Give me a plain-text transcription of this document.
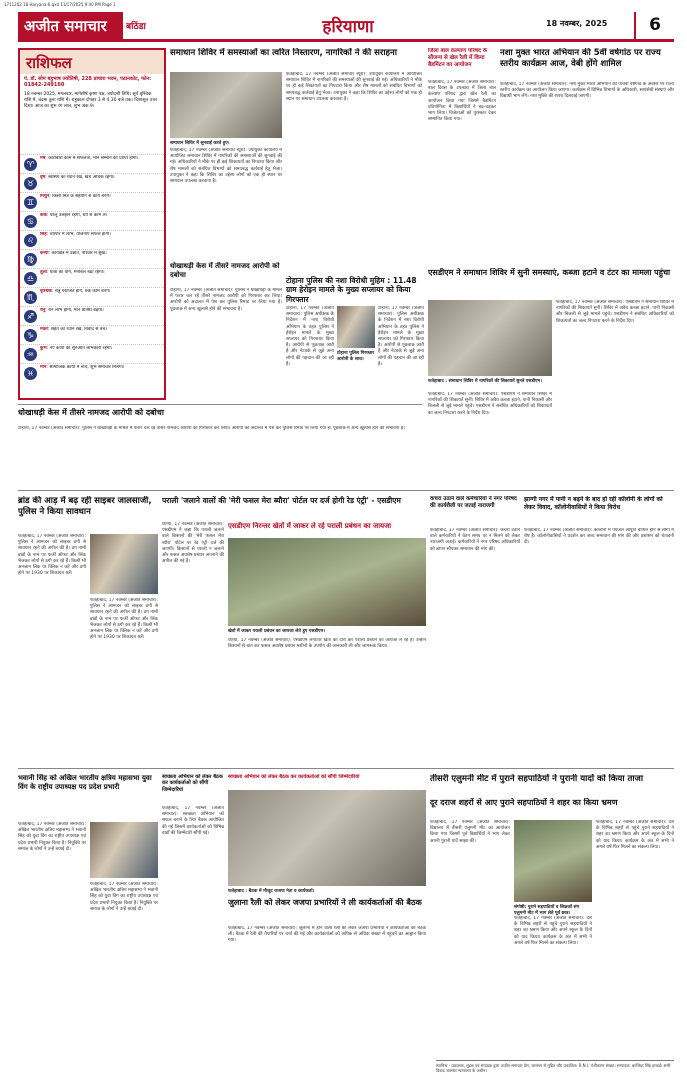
1711202 18 Haryana-6.qxd 11/17/2025 9:40 PM Page 1
अजीत समाचार	बठिंडा	हरियाणा	18 नवम्बर, 2025	6
राशिफल
पं. डॉ. सोम बहुभाष ज्योतिषी, 228 प्राचारा भवन, पठानकोट, फोन: 01842-249160
18 नवम्बर 2025, मंगलवार, मार्गशीर्ष कृष्ण पक्ष, त्रयोदशी तिथि। सूर्य वृश्चिक राशि में, चंद्रमा तुला राशि में। राहुकाल दोपहर 3 से 4.30 बजे तक। दिशाशूल उत्तर दिशा। आज का शुभ रंग लाल, शुभ अंक 9।
♈
मेष: कारोबारी काम में सफलता, मान सम्मान की प्राप्ति होगी।
♉
वृष: स्वास्थ्य का ध्यान रखें, खर्च अधिक रहेगा।
♊
मिथुन: किसी मित्र के सहयोग से कार्य बनेंगे।
♋
कर्क: घरेलू उलझनें रहेंगी, धैर्य से काम लें।
♌
सिंह: व्यापार में लाभ, योजनाएं सफल होंगी।
♍
कन्या: कार्यक्षेत्र में उन्नति, परिवार में सुख।
♎
तुला: यात्रा का योग, मनोबल बढ़ा रहेगा।
♏
वृश्चिक: शत्रु पराजित होंगे, रुके काम बनेंगे।
♐
धनु: धन लाभ होगा, मान प्रतिष्ठा बढ़ेगी।
♑
मकर: सेहत का ध्यान रखें, विवाद से बचें।
♒
कुंभ: नए कार्यों की शुरुआत लाभकारी रहेगी।
♓
मीन: सामाजिक कार्यों में रुचि, शुभ समाचार मिलेगा।
समाधान शिविर में समस्याओं का त्वरित निस्तारण, नागरिकों ने की सराहना
समाधान शिविर में सुनवाई करते हुए।
फतेहाबाद, 17 नवम्बर (अजीत समाचार ब्यूरो): उपायुक्त कार्यालय में आयोजित समाधान शिविर में नागरिकों की समस्याओं की सुनवाई की गई। अधिकारियों ने मौके पर ही कई शिकायतों का निपटारा किया और शेष मामलों को संबंधित विभागों को समयबद्ध कार्रवाई हेतु भेजा। उपायुक्त ने कहा कि शिविर का उद्देश्य लोगों को एक ही स्थान पर समाधान उपलब्ध करवाना है।
फतेहाबाद, 17 नवम्बर (अजीत समाचार ब्यूरो): उपायुक्त कार्यालय में आयोजित समाधान शिविर में नागरिकों की समस्याओं की सुनवाई की गई। अधिकारियों ने मौके पर ही कई शिकायतों का निपटारा किया और शेष मामलों को संबंधित विभागों को समयबद्ध कार्रवाई हेतु भेजा। उपायुक्त ने कहा कि शिविर का उद्देश्य लोगों को एक ही स्थान पर समाधान उपलब्ध करवाना है।
धोखाधड़ी केस में तीसरे नामजद आरोपी को दबोचा
टोहाना, 17 नवम्बर (अजीत समाचार): पुलिस ने धोखाधड़ी के मामले में फरार चल रहे तीसरे नामजद आरोपी को गिरफ्तार कर लिया। आरोपी को अदालत में पेश कर पुलिस रिमांड पर लिया गया है। पूछताछ में अन्य खुलासे होने की संभावना है।
टोहाना पुलिस की नशा विरोधी मुहिम : 11.48 ग्राम हेरोइन मामले के मुख्य सप्लायर को किया गिरफ्तार
टोहाना, 17 नवम्बर (अजीत समाचार): पुलिस अधीक्षक के निर्देशन में नशा विरोधी अभियान के तहत पुलिस ने हेरोइन मामले के मुख्य सप्लायर को गिरफ्तार किया है। आरोपी से पूछताछ जारी है और नेटवर्क से जुड़े अन्य लोगों की पहचान की जा रही है।
टोहाना पुलिस गिरफ्तार आरोपी के साथ।
टोहाना, 17 नवम्बर (अजीत समाचार): पुलिस अधीक्षक के निर्देशन में नशा विरोधी अभियान के तहत पुलिस ने हेरोइन मामले के मुख्य सप्लायर को गिरफ्तार किया है। आरोपी से पूछताछ जारी है और नेटवर्क से जुड़े अन्य लोगों की पहचान की जा रही है।
जिला बाल कल्याण परिषद के सौजन्य से खेल रैली में किया बैडमिंटन का आयोजन
फतेहाबाद, 17 नवम्बर (अजीत समाचार): बाल दिवस के उपलक्ष्य में जिला बाल कल्याण परिषद द्वारा खेल रैली का आयोजन किया गया जिसमें बैडमिंटन प्रतियोगिता में विद्यार्थियों ने बढ़-चढ़कर भाग लिया। विजेताओं को पुरस्कार देकर सम्मानित किया गया।
नशा मुक्त भारत अभियान की 5वीं वर्षगांठ पर राज्य स्तरीय कार्यक्रम आज, वेबी होंगे शामिल
फतेहाबाद, 17 नवम्बर (अजीत समाचार): नशा मुक्त भारत अभियान की पांचवीं वर्षगांठ के अवसर पर राज्य स्तरीय कार्यक्रम का आयोजन किया जाएगा। कार्यक्रम में विभिन्न विभागों के अधिकारी, स्वयंसेवी संस्थाएं और विद्यार्थी भाग लेंगे। नशा मुक्ति की शपथ दिलवाई जाएगी।
एसडीएम ने समाधान शिविर में सुनी समस्याएं, कब्जा हटाने व टंटर का मामला पहुंचा
फतेहाबाद : समाधान शिविर में नागरिकों की शिकायतें सुनते एसडीएम।
फतेहाबाद, 17 नवम्बर (अजीत समाचार): एसडीएम ने समाधान शिविर में नागरिकों की शिकायतें सुनीं। शिविर में अवैध कब्जा हटाने, पानी निकासी और बिजली से जुड़े मामले पहुंचे। एसडीएम ने संबंधित अधिकारियों को शिकायतों का जल्द निपटारा करने के निर्देश दिए।
फतेहाबाद, 17 नवम्बर (अजीत समाचार): एसडीएम ने समाधान शिविर में नागरिकों की शिकायतें सुनीं। शिविर में अवैध कब्जा हटाने, पानी निकासी और बिजली से जुड़े मामले पहुंचे। एसडीएम ने संबंधित अधिकारियों को शिकायतों का जल्द निपटारा करने के निर्देश दिए।
धोखाधड़ी केस में तीसरे नामजद आरोपी को दबोचा
टोहाना, 17 नवम्बर (अजीत समाचार): पुलिस ने धोखाधड़ी के मामले में फरार चल रहे तीसरे नामजद आरोपी को गिरफ्तार कर लिया। आरोपी को अदालत में पेश कर पुलिस रिमांड पर लिया गया है। पूछताछ में अन्य खुलासे होने की संभावना है।
ब्रांड की आड़ में बढ़ रही साइबर जालसाजी, पुलिस ने किया सावधान
फतेहाबाद, 17 नवम्बर (अजीत समाचार): पुलिस ने आमजन को साइबर ठगी से सावधान रहने की अपील की है। ठग नामी ब्रांडों के नाम पर फर्जी ऑफर और लिंक भेजकर लोगों से ठगी कर रहे हैं। किसी भी अनजान लिंक पर क्लिक न करें और ठगी होने पर 1930 पर शिकायत करें।
फतेहाबाद, 17 नवम्बर (अजीत समाचार): पुलिस ने आमजन को साइबर ठगी से सावधान रहने की अपील की है। ठग नामी ब्रांडों के नाम पर फर्जी ऑफर और लिंक भेजकर लोगों से ठगी कर रहे हैं। किसी भी अनजान लिंक पर क्लिक न करें और ठगी होने पर 1930 पर शिकायत करें।
पराली 'जलाने वालों की 'मेरी फसल मेरा ब्यौरा' पोर्टल पर दर्ज होगी रेड एंट्री' - एसडीएम
रतिया, 17 नवम्बर (अजीत समाचार): एसडीएम ने कहा कि पराली जलाने वाले किसानों की 'मेरी फसल मेरा ब्यौरा' पोर्टल पर रेड एंट्री दर्ज की जाएगी। किसानों से पराली न जलाने और फसल अवशेष प्रबंधन अपनाने की अपील की गई है।
एसडीएम निरन्तर खेतों में जाकर ले रहे पराली प्रबंधन का जायजा
खेतों में जाकर पराली प्रबंधन का जायजा लेते हुए एसडीएम।
रतिया, 17 नवम्बर (अजीत समाचार): एसडीएम लगातार खेतों का दौरा कर पराली प्रबंधन का जायजा ले रहे हैं। उन्होंने किसानों से बात कर फसल अवशेष प्रबंधन मशीनों के उपयोग की जानकारी ली और जागरूक किया।
कचरा उठाने वाले कर्मचारियों ने नगर परिषद की कार्यशैली पर जताई नाराजगी
फतेहाबाद, 17 नवम्बर (अजीत समाचार): कचरा उठाने वाले कर्मचारियों ने वेतन समय पर न मिलने को लेकर नाराजगी जताई। कर्मचारियों ने नगर परिषद अधिकारियों को ज्ञापन सौंपकर समाधान की मांग की।
झाग्गी नगर में पानी न बढ़ने के बाद हो रही कॉलोनी के लोगों को लेकर विवाद, कॉलोनीवासियों ने किया विरोध
फतेहाबाद, 17 नवम्बर (अजीत समाचार): कॉलोनी में पेयजल आपूर्ति बाधित होने से लोगों में रोष है। कॉलोनीवासियों ने प्रदर्शन कर जल्द समाधान की मांग की और प्रशासन को चेतावनी दी।
भवानी सिंह को अखिल भारतीय क्षत्रिय महासभा युवा विंग के राष्ट्रीय उपाध्यक्ष पद प्रदेश प्रभारी
फतेहाबाद, 17 नवम्बर (अजीत समाचार): अखिल भारतीय क्षत्रिय महासभा ने भवानी सिंह को युवा विंग का राष्ट्रीय उपाध्यक्ष एवं प्रदेश प्रभारी नियुक्त किया है। नियुक्ति पर समाज के लोगों ने उन्हें बधाई दी।
फतेहाबाद, 17 नवम्बर (अजीत समाचार): अखिल भारतीय क्षत्रिय महासभा ने भवानी सिंह को युवा विंग का राष्ट्रीय उपाध्यक्ष एवं प्रदेश प्रभारी नियुक्त किया है। नियुक्ति पर समाज के लोगों ने उन्हें बधाई दी।
स्वच्छता अभियान को लेकर बैठक कर कार्यकर्ताओं को सौंपी जिम्मेदारियां
फतेहाबाद, 17 नवम्बर (अजीत समाचार): स्वच्छता अभियान को सफल बनाने के लिए बैठक आयोजित की गई जिसमें कार्यकर्ताओं को विभिन्न वार्डों की जिम्मेदारी सौंपी गई।
स्वच्छता अभियान को लेकर बैठक कर कार्यकर्ताओं को सौंपी जिम्मेदारियां
फतेहाबाद : बैठक में मौजूद जजपा नेता व कार्यकर्ता।
जुलाना रैली को लेकर जजपा प्रभारियों ने ली कार्यकर्ताओं की बैठक
फतेहाबाद, 17 नवम्बर (अजीत समाचार): जुलाना में होने वाली रैली को लेकर जजपा प्रभारियों ने कार्यकर्ताओं की बैठक ली। बैठक में रैली की तैयारियों पर चर्चा की गई और कार्यकर्ताओं को अधिक से अधिक संख्या में पहुंचने का आह्वान किया गया।
तीसरी एलुमनी मीट में पुराने सहपाठियों ने पुरानी यादों को किया ताजा
दूर दराज शहरों से आए पुराने सहपाठियों ने शहर का किया भ्रमण
फतेहाबाद, 17 नवम्बर (अजीत समाचार): विद्यालय में तीसरी एलुमनी मीट का आयोजन किया गया जिसमें पूर्व विद्यार्थियों ने भाग लेकर अपनी पुरानी यादें साझा कीं।
संगोष्ठी: पुराने सहपाठियों व शिक्षकों संग एलुमनी मीट में भाग लेते पूर्व छात्र।
फतेहाबाद, 17 नवम्बर (अजीत समाचार): देश के विभिन्न शहरों से पहुंचे पुराने सहपाठियों ने शहर का भ्रमण किया और अपने स्कूल के दिनों को याद किया। कार्यक्रम के अंत में सभी ने अगले वर्ष फिर मिलने का संकल्प लिया।
फतेहाबाद, 17 नवम्बर (अजीत समाचार): देश के विभिन्न शहरों से पहुंचे पुराने सहपाठियों ने शहर का भ्रमण किया और अपने स्कूल के दिनों को याद किया। कार्यक्रम के अंत में सभी ने अगले वर्ष फिर मिलने का संकल्प लिया।
स्वामित्व - प्रकाशक, मुद्रक एवं संपादक द्वारा अजीत समाचार प्रेस, जालंधर से मुद्रित और प्रकाशित। R.N.I. पंजीकरण संख्या। सम्पादक: बरजिंदर सिंह हमदर्द। सभी विवाद जालंधर न्यायालय के अधीन।
